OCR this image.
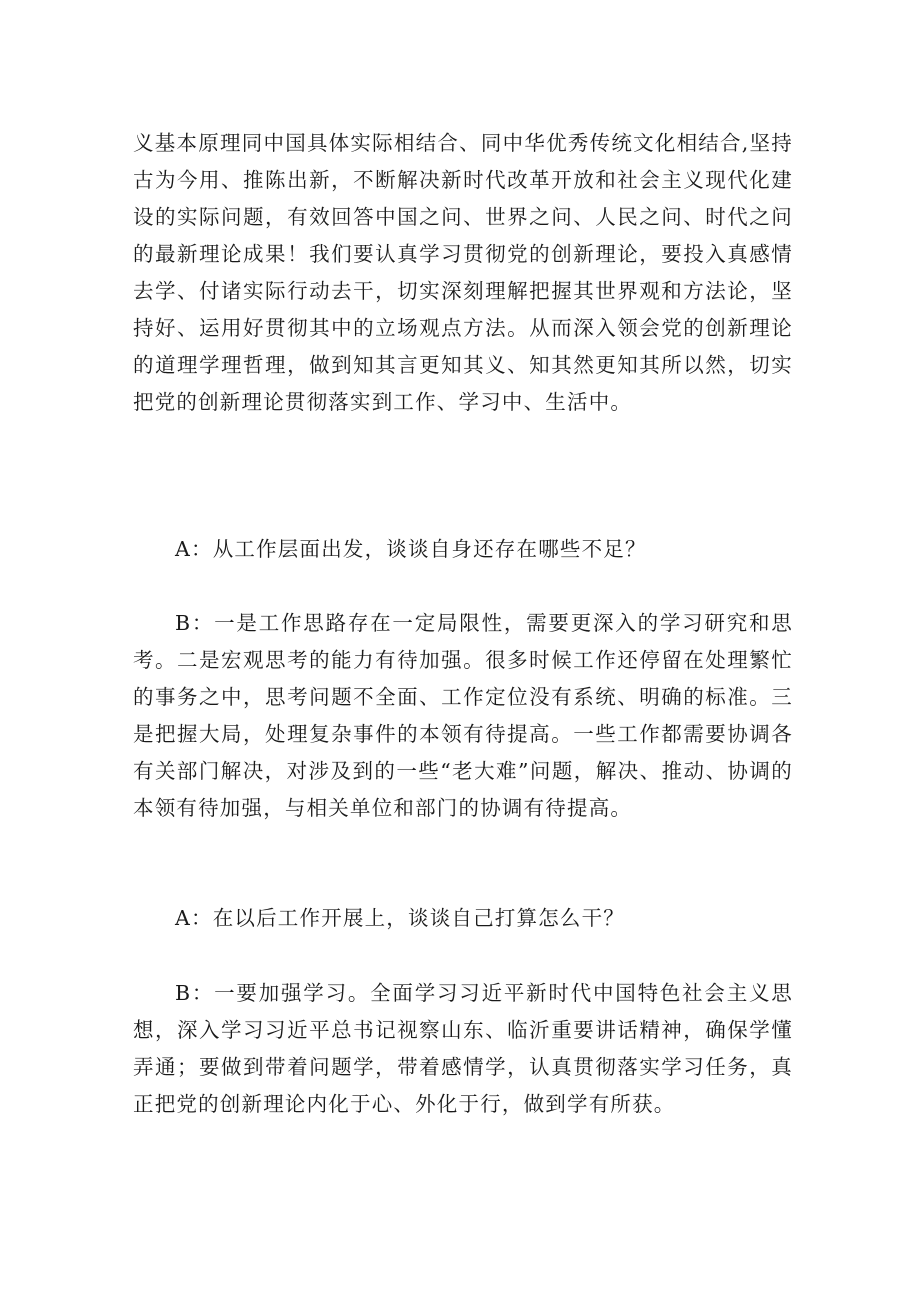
义基本原理同中国具体实际相结合、同中华优秀传统文化相结合,坚持古为今用、推陈出新，不断解决新时代改革开放和社会主义现代化建设的实际问题，有效回答中国之问、世界之问、人民之问、时代之问的最新理论成果！我们要认真学习贯彻党的创新理论，要投入真感情去学、付诸实际行动去干，切实深刻理解把握其世界观和方法论，坚持好、运用好贯彻其中的立场观点方法。从而深入领会党的创新理论的道理学理哲理，做到知其言更知其义、知其然更知其所以然，切实把党的创新理论贯彻落实到工作、学习中、生活中。

A：从工作层面出发，谈谈自身还存在哪些不足？

B：一是工作思路存在一定局限性，需要更深入的学习研究和思考。二是宏观思考的能力有待加强。很多时候工作还停留在处理繁忙的事务之中，思考问题不全面、工作定位没有系统、明确的标准。三是把握大局，处理复杂事件的本领有待提高。一些工作都需要协调各有关部门解决，对涉及到的一些“老大难”问题，解决、推动、协调的本领有待加强，与相关单位和部门的协调有待提高。

A：在以后工作开展上，谈谈自己打算怎么干？

B：一要加强学习。全面学习习近平新时代中国特色社会主义思想，深入学习习近平总书记视察山东、临沂重要讲话精神，确保学懂弄通；要做到带着问题学，带着感情学，认真贯彻落实学习任务，真正把党的创新理论内化于心、外化于行，做到学有所获。
